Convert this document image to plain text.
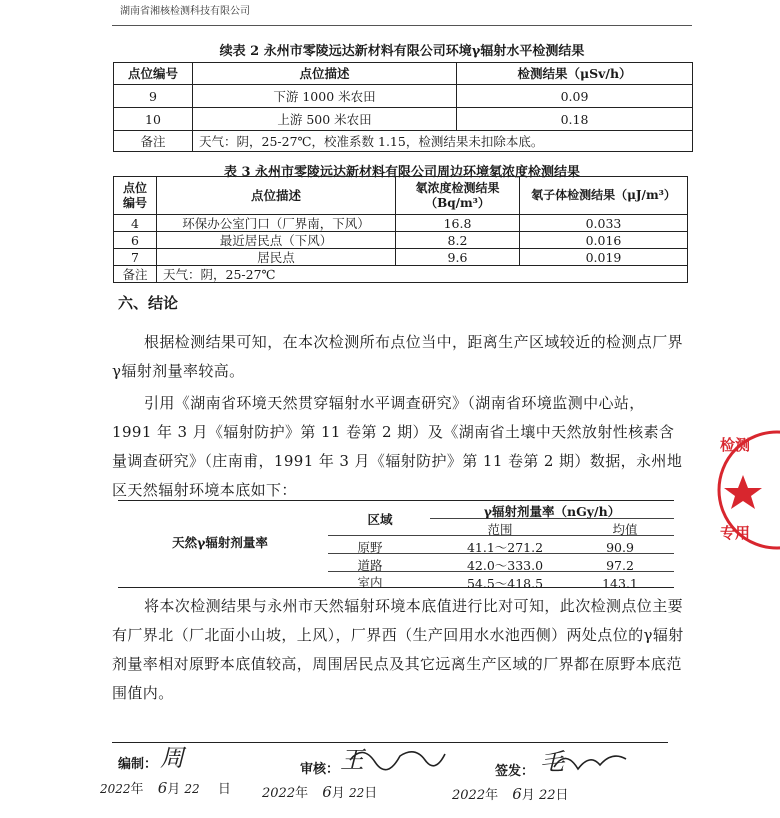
湖南省湘核检测科技有限公司
续表 2 永州市零陵远达新材料有限公司环境γ辐射水平检测结果
点位编号	点位描述	检测结果（μSv/h）
9	下游 1000 米农田	0.09
10	上游 500 米农田	0.18
备注	天气：阴，25-27℃，校准系数 1.15，检测结果未扣除本底。	
表 3 永州市零陵远达新材料有限公司周边环境氡浓度检测结果
点位编号	点位描述	氡浓度检测结果（Bq/m³）	氡子体检测结果（μJ/m³）
4	环保办公室门口（厂界南，下风）	16.8	0.033
6	最近居民点（下风）	8.2	0.016
7	居民点	9.6	0.019
备注	天气：阴，25-27℃		
六、结论
根据检测结果可知，在本次检测所布点位当中，距离生产区域较近的检测点厂界γ辐射剂量率较高。
引用《湖南省环境天然贯穿辐射水平调查研究》（湖南省环境监测中心站，1991 年 3 月《辐射防护》第 11 卷第 2 期）及《湖南省土壤中天然放射性核素含量调查研究》（庄南甫，1991 年 3 月《辐射防护》第 11 卷第 2 期）数据，永州地区天然辐射环境本底如下：
天然γ辐射剂量率
区域
γ辐射剂量率（nGy/h）
范围	均值
原野	41.1～271.2	90.9
道路	42.0～333.0	97.2
室内	54.5～418.5	143.1
将本次检测结果与永州市天然辐射环境本底值进行比对可知，此次检测点位主要有厂界北（厂北面小山坡，上风），厂界西（生产回用水水池西侧）两处点位的γ辐射剂量率相对原野本底值较高，周围居民点及其它远离生产区域的厂界都在原野本底范围值内。
编制： 周
2022年 6月 22 日
审核： 王
2022年 6月 22日
签发： 毛
2022年 6月 22日
检测
专用
